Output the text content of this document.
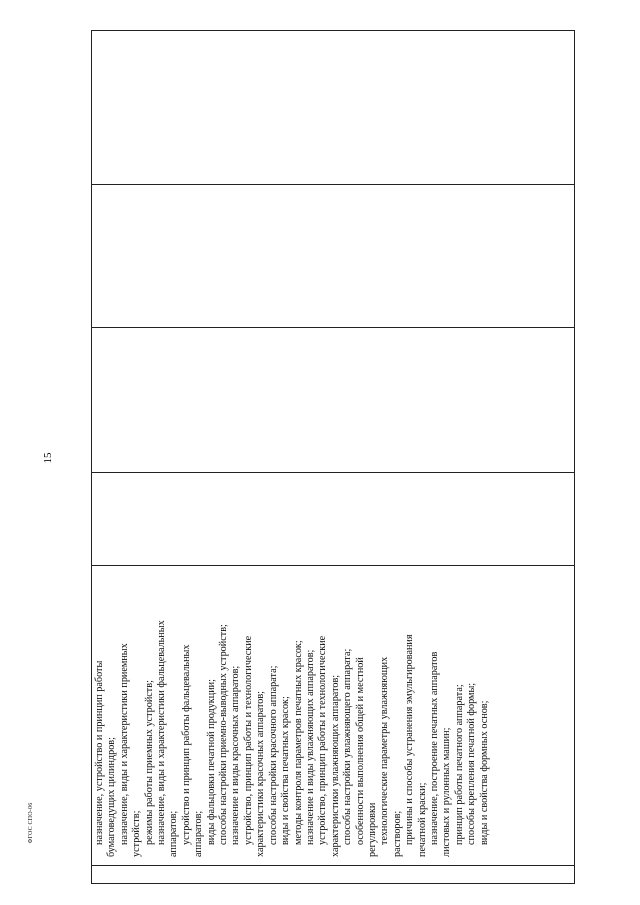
15
ФГОС СПО-06	назначение, устройство и принцип работы бумаговедущих цилиндров; назначение, виды и характеристики приемных устройств; режимы работы приемных устройств; назначение, виды и характеристики фальцевальных аппаратов; устройство и принцип работы фальцевальных аппаратов; виды фальцовки печатной продукции; способы настройки приемно-выводных устройств; назначение и виды красочных аппаратов; устройство, принцип работы и технологические характеристики красочных аппаратов; способы настройки красочного аппарата; виды и свойства печатных красок; методы контроля параметров печатных красок; назначение и виды увлажняющих аппаратов; устройство, принцип работы и технологические характеристики увлажняющих аппаратов; способы настройки увлажняющего аппарата; особенности выполнения общей и местной регулировки технологические параметры увлажняющих растворов; причины и способы устранения эмульгирования печатной краски; назначение, построение печатных аппаратов листовых и рулонных машин; принцип работы печатного аппарата; способы крепления печатной формы; виды и свойства формных основ;
